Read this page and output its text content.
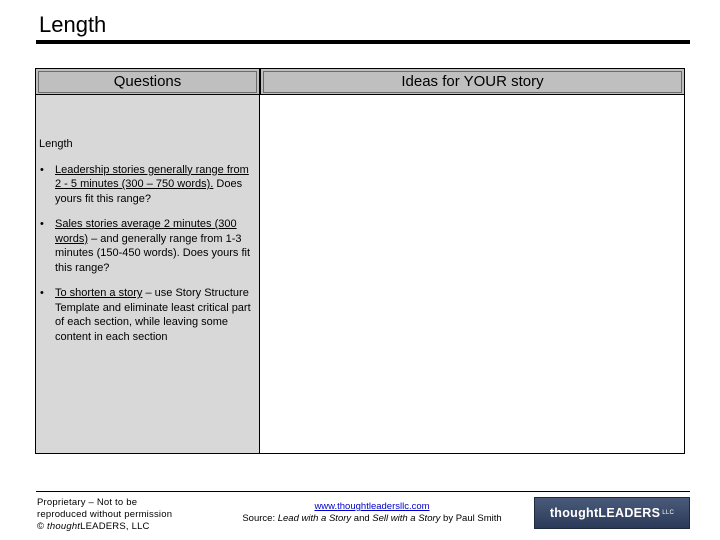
Length
Questions
Length
• Leadership stories generally range from 2 - 5 minutes (300 – 750 words). Does yours fit this range?
• Sales stories average 2 minutes (300 words) – and generally range from 1-3 minutes (150-450 words). Does yours fit this range?
• To shorten a story – use Story Structure Template and eliminate least critical part of each section, while leaving some content in each section
Ideas for YOUR story
Proprietary – Not to be
reproduced without permission
© thoughtLEADERS, LLC
www.thoughtleadersllc.com
Source: Lead with a Story and Sell with a Story by Paul Smith	thought LEADERS LLC
